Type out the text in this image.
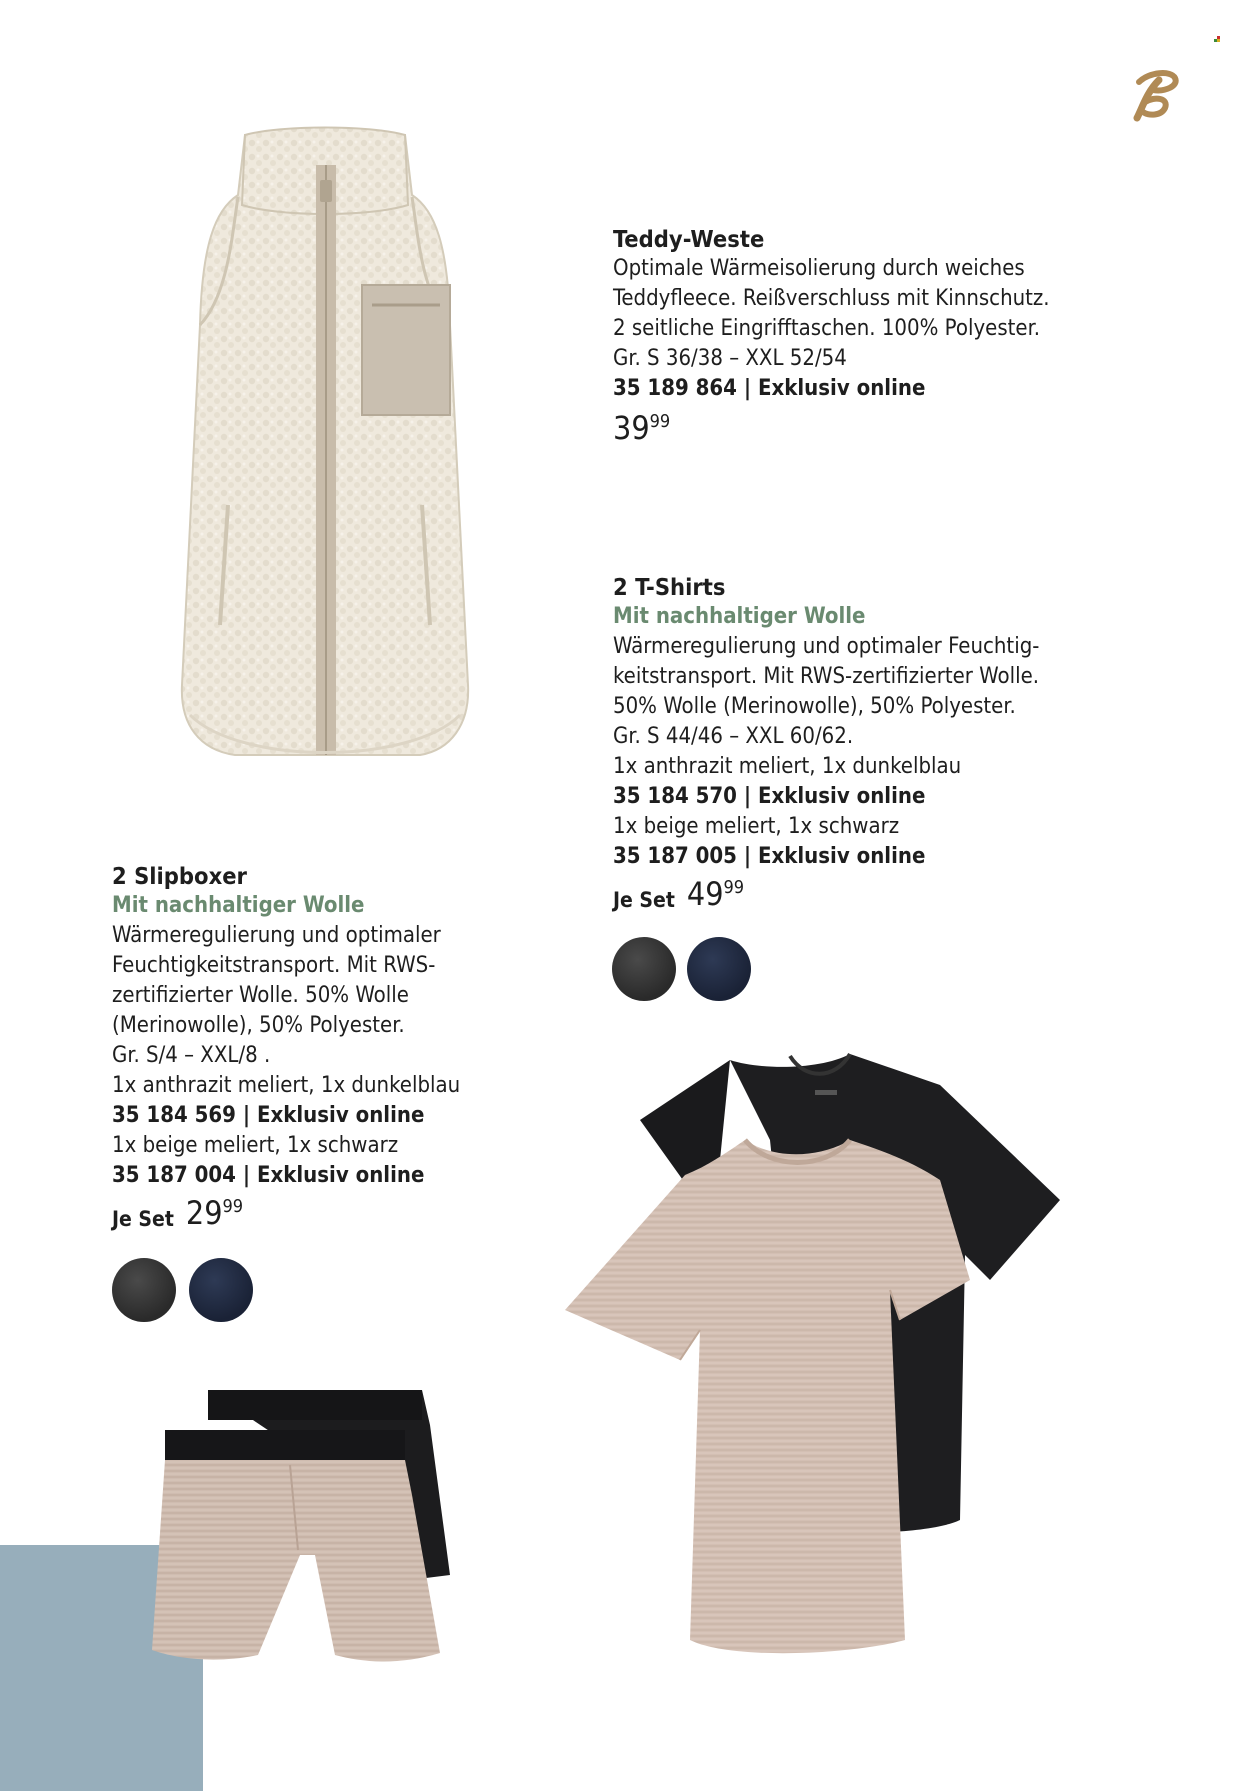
Teddy-Weste
Optimale Wärmeisolierung durch weiches
Teddyfleece. Reißverschluss mit Kinnschutz.
2 seitliche Eingrifftaschen. 100% Polyester.
Gr. S 36/38 – XXL 52/54
35 189 864 | Exklusiv online
39 99
2 T-Shirts
Mit nachhaltiger Wolle
Wärmeregulierung und optimaler Feuchtig-
keitstransport. Mit RWS-zertifizierter Wolle.
50% Wolle (Merinowolle), 50% Polyester.
Gr. S 44/46 – XXL 60/62.
1x anthrazit meliert, 1x dunkelblau
35 184 570 | Exklusiv online
1x beige meliert, 1x schwarz
35 187 005 | Exklusiv online
Je Set 49 99
2 Slipboxer
Mit nachhaltiger Wolle
Wärmeregulierung und optimaler
Feuchtigkeitstransport. Mit RWS-
zertifizierter Wolle. 50% Wolle
(Merinowolle), 50% Polyester.
Gr. S/4 – XXL/8 .
1x anthrazit meliert, 1x dunkelblau
35 184 569 | Exklusiv online
1x beige meliert, 1x schwarz
35 187 004 | Exklusiv online
Je Set 29 99
